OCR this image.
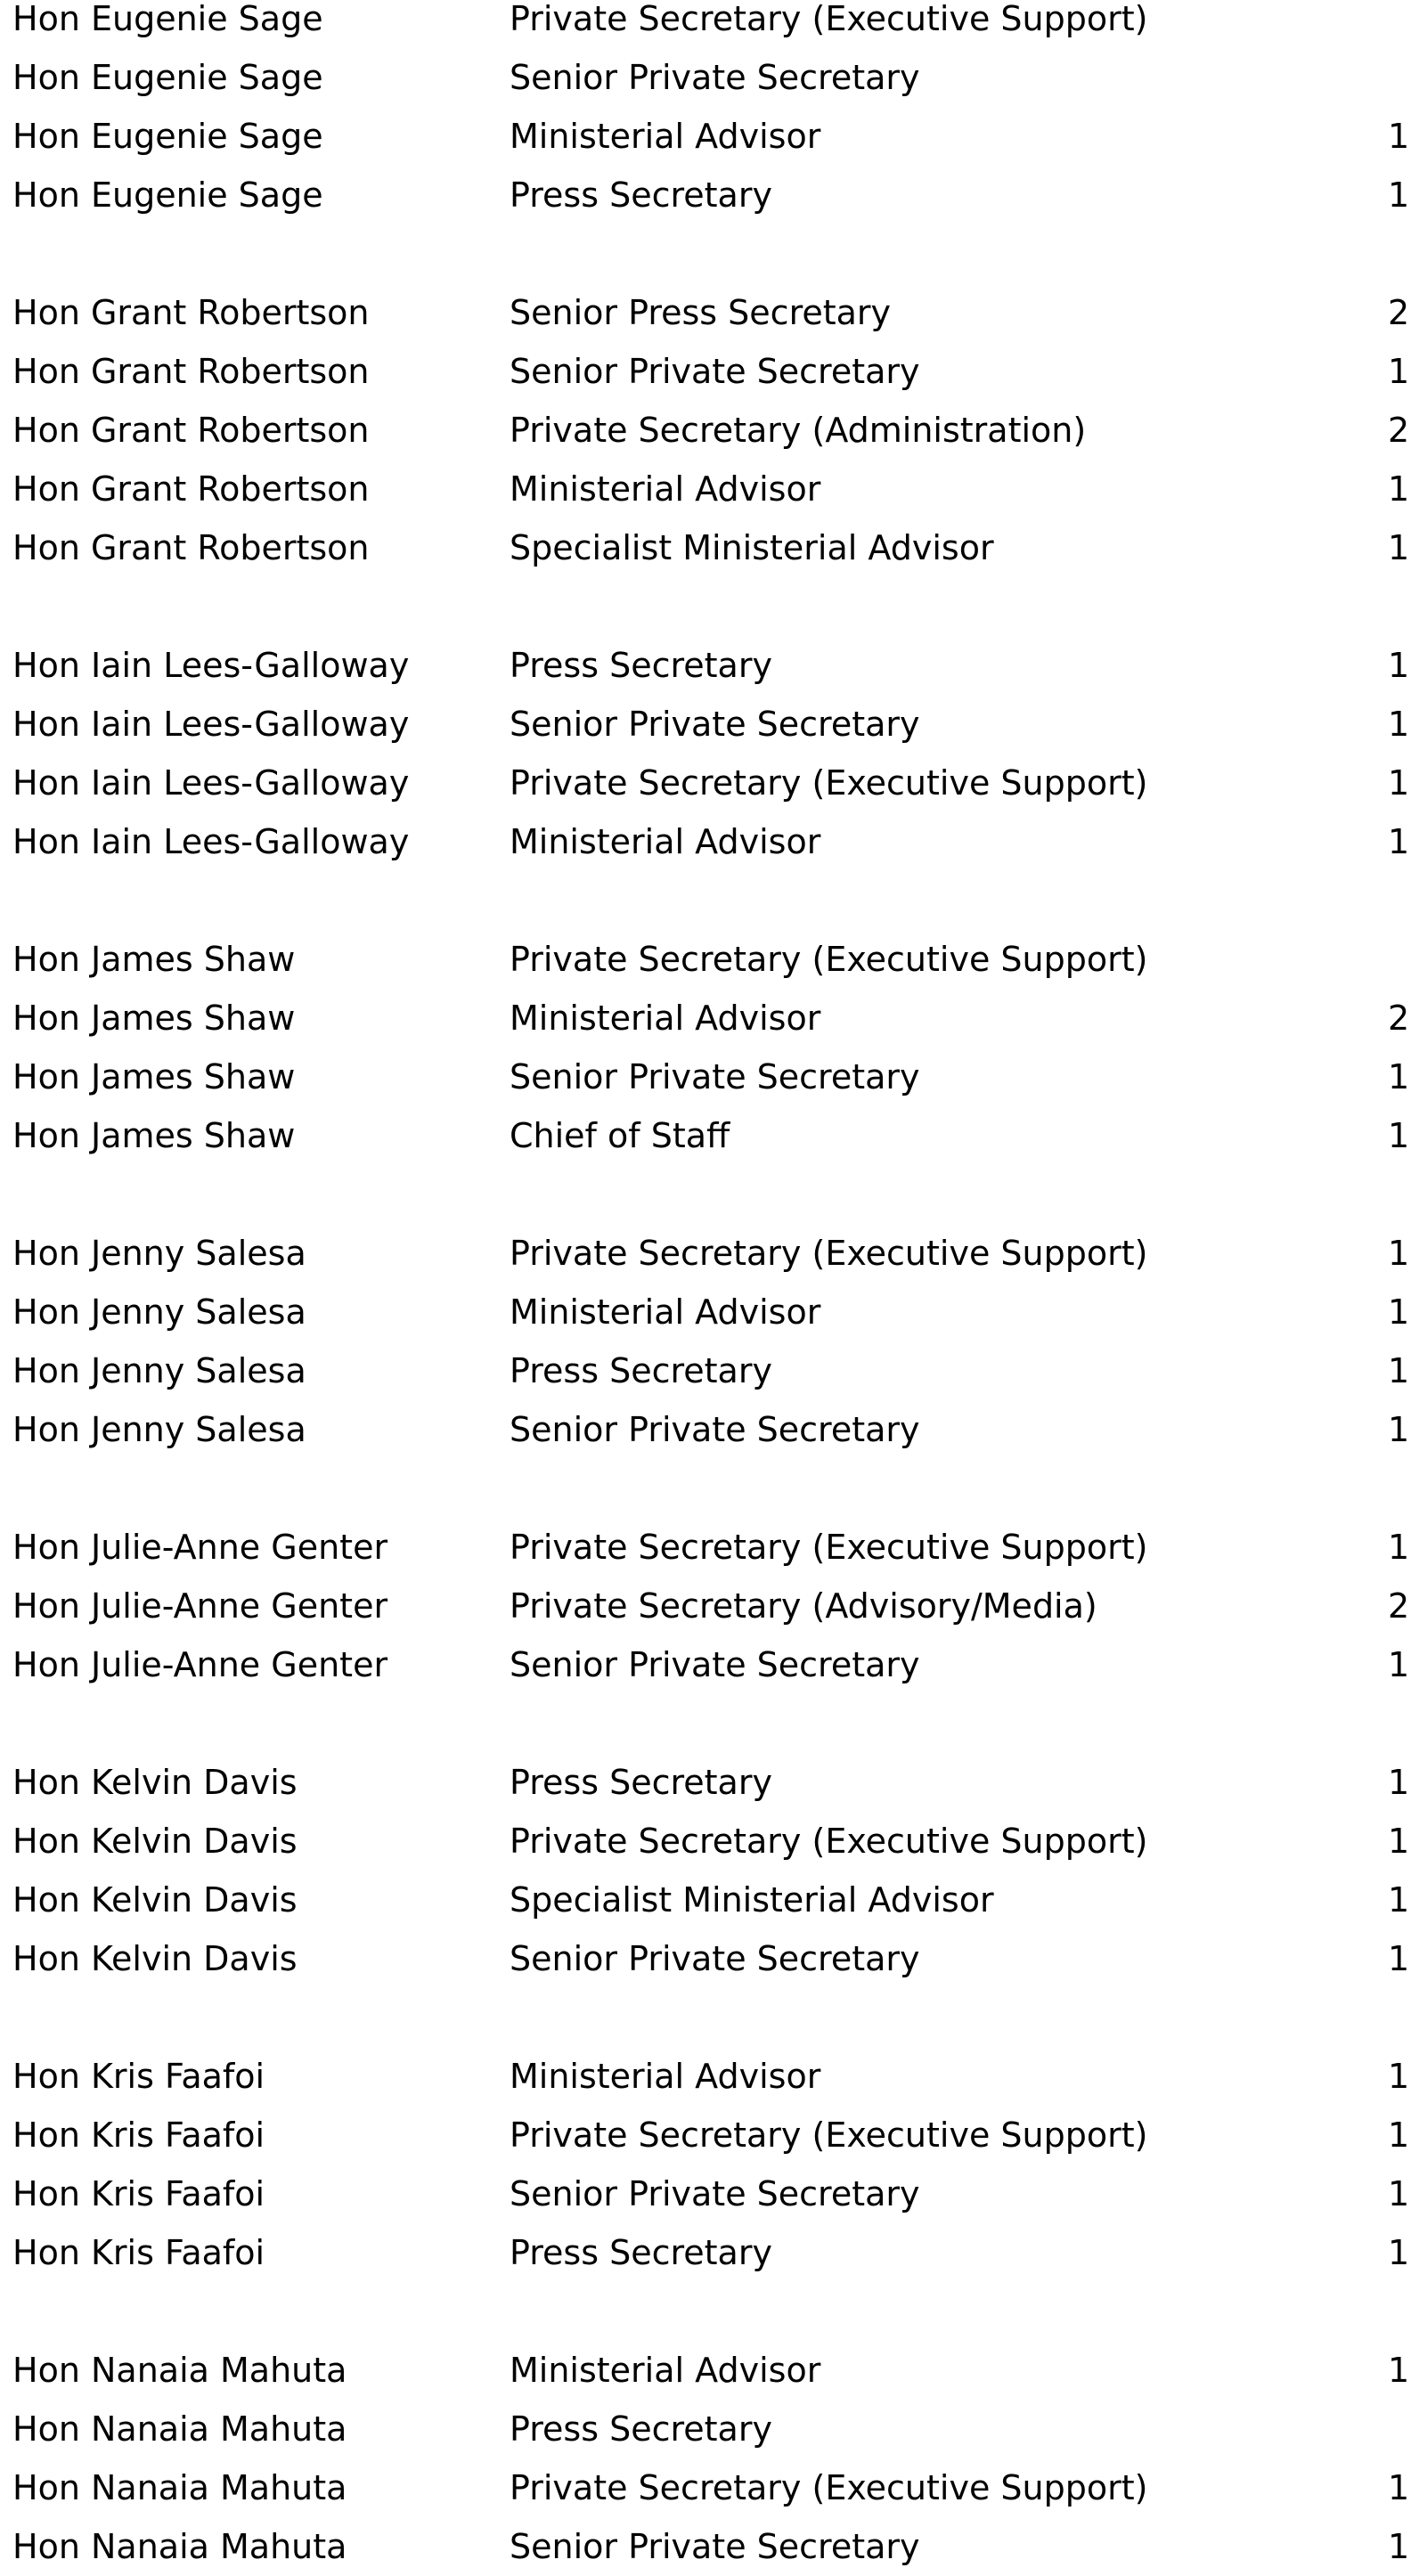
Hon Eugenie Sage	Private Secretary (Executive Support)
Hon Eugenie Sage	Senior Private Secretary
Hon Eugenie Sage	Ministerial Advisor	1
Hon Eugenie Sage	Press Secretary	1
Hon Grant Robertson	Senior Press Secretary	2
Hon Grant Robertson	Senior Private Secretary	1
Hon Grant Robertson	Private Secretary (Administration)	2
Hon Grant Robertson	Ministerial Advisor	1
Hon Grant Robertson	Specialist Ministerial Advisor	1
Hon Iain Lees-Galloway	Press Secretary	1
Hon Iain Lees-Galloway	Senior Private Secretary	1
Hon Iain Lees-Galloway	Private Secretary (Executive Support)	1
Hon Iain Lees-Galloway	Ministerial Advisor	1
Hon James Shaw	Private Secretary (Executive Support)
Hon James Shaw	Ministerial Advisor	2
Hon James Shaw	Senior Private Secretary	1
Hon James Shaw	Chief of Staff	1
Hon Jenny Salesa	Private Secretary (Executive Support)	1
Hon Jenny Salesa	Ministerial Advisor	1
Hon Jenny Salesa	Press Secretary	1
Hon Jenny Salesa	Senior Private Secretary	1
Hon Julie-Anne Genter	Private Secretary (Executive Support)	1
Hon Julie-Anne Genter	Private Secretary (Advisory/Media)	2
Hon Julie-Anne Genter	Senior Private Secretary	1
Hon Kelvin Davis	Press Secretary	1
Hon Kelvin Davis	Private Secretary (Executive Support)	1
Hon Kelvin Davis	Specialist Ministerial Advisor	1
Hon Kelvin Davis	Senior Private Secretary	1
Hon Kris Faafoi	Ministerial Advisor	1
Hon Kris Faafoi	Private Secretary (Executive Support)	1
Hon Kris Faafoi	Senior Private Secretary	1
Hon Kris Faafoi	Press Secretary	1
Hon Nanaia Mahuta	Ministerial Advisor	1
Hon Nanaia Mahuta	Press Secretary
Hon Nanaia Mahuta	Private Secretary (Executive Support)	1
Hon Nanaia Mahuta	Senior Private Secretary	1
